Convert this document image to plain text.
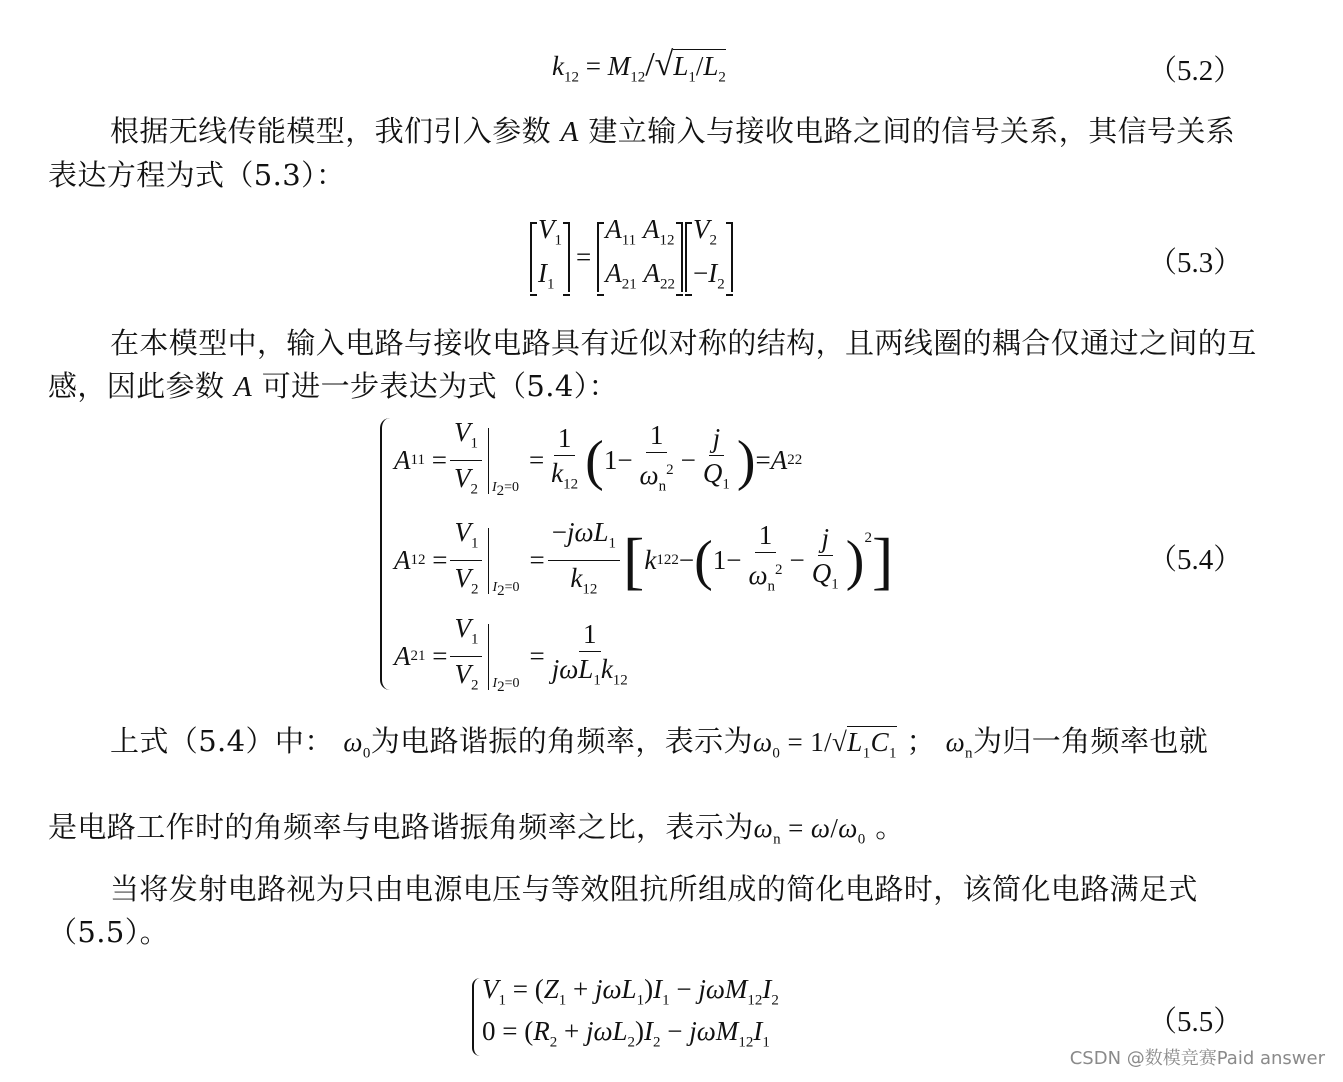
$k_{12} = M_{12}/√L_1/L_2$	（5.2）
根据无线传能模型，我们引入参数 A 建立输入与接收电路之间的信号关系，其信号关系表达方程为式（5.3）：
$V_1$
$I_1$
=
$A_{11}$ $A_{12}$
$A_{21}$ $A_{22}$
$V_2$
$-I_2$
（5.3）
在本模型中，输入电路与接收电路具有近似对称的结构，且两线圈的耦合仅通过之间的互感，因此参数 A 可进一步表达为式（5.4）：
A $11 = \frac{V_1}{V_2} I_2=0$
= $\frac{1}{k_{12}}$ ( $1- \frac{1}{\omega_n^2} - \frac{j}{Q_1}$ ) = A 22
A $12 = \frac{V_1}{V_2} I_2=0$
= $\frac{-j\omega L_1}{k_{12}}$ [ k 12 2 − ( $1- \frac{1}{\omega_n^2} - \frac{j}{Q_1} )^2$ ]
A $21 = \frac{V_1}{V_2} I_2=0$
= $\frac{1}{j\omega L_1k_{12}}$
（5.4）
上式（5.4）中： $\omega_0$为电路谐振的角频率，表示为$\omega_0 = 1/√L_1C_1$ ； $\omega_n$为归一角频率也就
是电路工作时的角频率与电路谐振角频率之比，表示为$\omega_n = \omega/\omega_0$ 。
当将发射电路视为只由电源电压与等效阻抗所组成的简化电路时，该简化电路满足式（5.5）。
$V_1 = (Z_1 + j\omega L_1)I_1 - j\omega M_{12}I_2$
$0 = (R_2 + j\omega L_2)I_2 - j\omega M_{12}I_1$
（5.5）
CSDN @数模竞赛Paid answer
